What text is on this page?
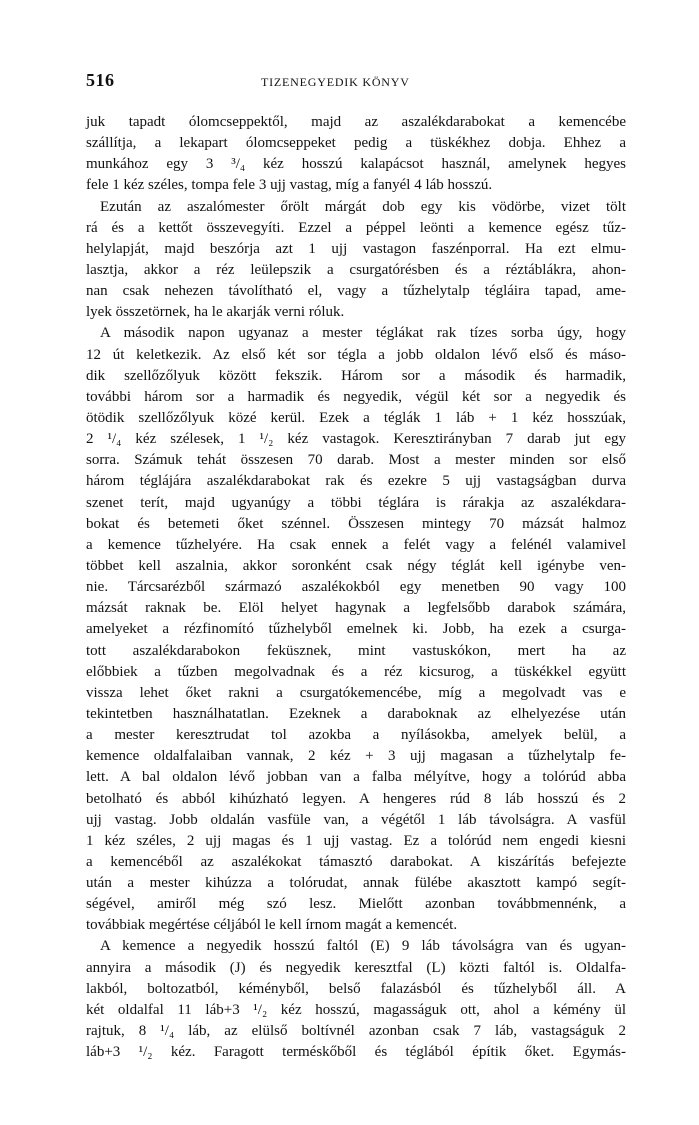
516	TIZENEGYEDIK KÖNYV
juk tapadt ólomcseppektől, majd az aszalékdarabokat a kemencébe
szállítja, a lekapart ólomcseppeket pedig a tüskékhez dobja. Ehhez a
munkához egy 3 ³/₄ kéz hosszú kalapácsot használ, amelynek hegyes
fele 1 kéz széles, tompa fele 3 ujj vastag, míg a fanyél 4 láb hosszú.
Ezután az aszalómester őrölt márgát dob egy kis vödörbe, vizet tölt
rá és a kettőt összevegyíti. Ezzel a péppel leönti a kemence egész tűz-
helylapját, majd beszórja azt 1 ujj vastagon faszénporral. Ha ezt elmu-
lasztja, akkor a réz leülepszik a csurgatórésben és a réztáblákra, ahon-
nan csak nehezen távolítható el, vagy a tűzhelytalp tégláira tapad, ame-
lyek összetörnek, ha le akarják verni róluk.
A második napon ugyanaz a mester téglákat rak tízes sorba úgy, hogy
12 út keletkezik. Az első két sor tégla a jobb oldalon lévő első és máso-
dik szellőzőlyuk között fekszik. Három sor a második és harmadik,
további három sor a harmadik és negyedik, végül két sor a negyedik és
ötödik szellőzőlyuk közé kerül. Ezek a téglák 1 láb + 1 kéz hosszúak,
2 ¹/₄ kéz szélesek, 1 ¹/₂ kéz vastagok. Keresztirányban 7 darab jut egy
sorra. Számuk tehát összesen 70 darab. Most a mester minden sor első
három téglájára aszalékdarabokat rak és ezekre 5 ujj vastagságban durva
szenet terít, majd ugyanúgy a többi téglára is rárakja az aszalékdara-
bokat és betemeti őket szénnel. Összesen mintegy 70 mázsát halmoz
a kemence tűzhelyére. Ha csak ennek a felét vagy a felénél valamivel
többet kell aszalnia, akkor soronként csak négy téglát kell igénybe ven-
nie. Tárcsarézből származó aszalékokból egy menetben 90 vagy 100
mázsát raknak be. Elöl helyet hagynak a legfelsőbb darabok számára,
amelyeket a rézfinomító tűzhelyből emelnek ki. Jobb, ha ezek a csurga-
tott aszalékdarabokon feküsznek, mint vastuskókon, mert ha az
előbbiek a tűzben megolvadnak és a réz kicsurog, a tüskékkel együtt
vissza lehet őket rakni a csurgatókemencébe, míg a megolvadt vas e
tekintetben használhatatlan. Ezeknek a daraboknak az elhelyezése után
a mester keresztrudat tol azokba a nyílásokba, amelyek belül, a
kemence oldalfalaiban vannak, 2 kéz + 3 ujj magasan a tűzhelytalp fe-
lett. A bal oldalon lévő jobban van a falba mélyítve, hogy a tolórúd abba
betolható és abból kihúzható legyen. A hengeres rúd 8 láb hosszú és 2
ujj vastag. Jobb oldalán vasfüle van, a végétől 1 láb távolságra. A vasfül
1 kéz széles, 2 ujj magas és 1 ujj vastag. Ez a tolórúd nem engedi kiesni
a kemencéből az aszalékokat támasztó darabokat. A kiszárítás befejezte
után a mester kihúzza a tolórudat, annak fülébe akasztott kampó segít-
ségével, amiről még szó lesz. Mielőtt azonban továbbmennénk, a
továbbiak megértése céljából le kell írnom magát a kemencét.
A kemence a negyedik hosszú faltól (E) 9 láb távolságra van és ugyan-
annyira a második (J) és negyedik keresztfal (L) közti faltól is. Oldalfa-
lakból, boltozatból, kéményből, belső falazásból és tűzhelyből áll. A
két oldalfal 11 láb+3 ¹/₂ kéz hosszú, magasságuk ott, ahol a kémény ül
rajtuk, 8 ¹/₄ láb, az elülső boltívnél azonban csak 7 láb, vastagságuk 2
láb+3 ¹/₂ kéz. Faragott terméskőből és téglából építik őket. Egymás-
